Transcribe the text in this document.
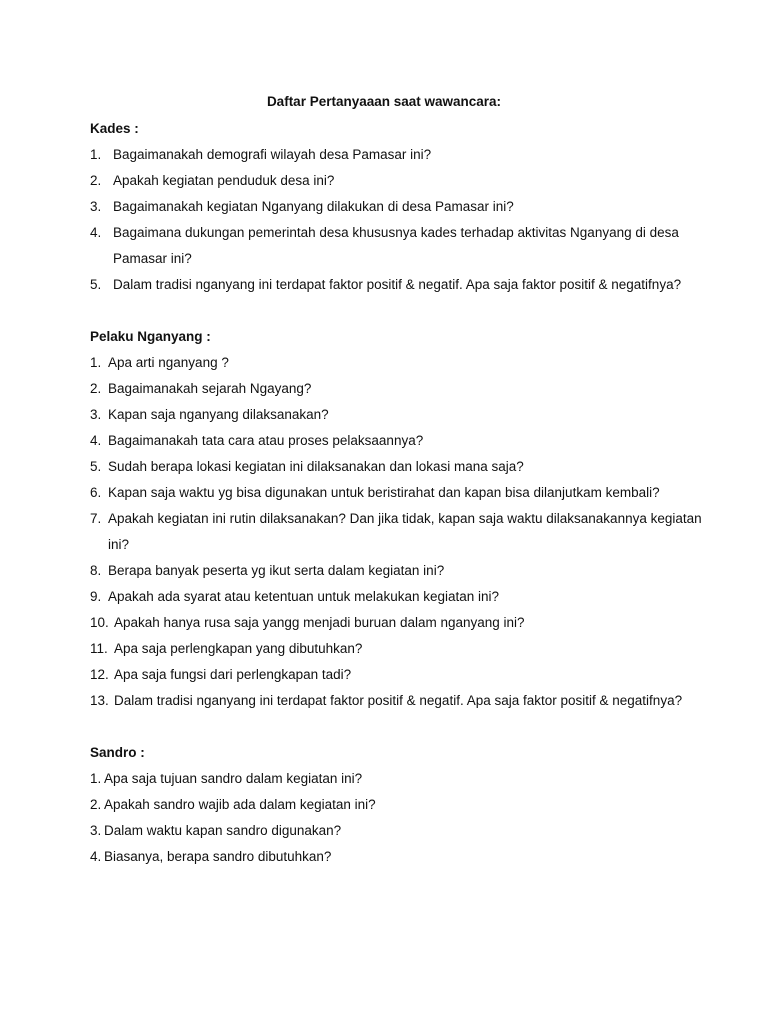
Daftar Pertanyaaan saat wawancara:
Kades :
1. Bagaimanakah demografi wilayah desa Pamasar ini?
2. Apakah kegiatan penduduk desa ini?
3. Bagaimanakah kegiatan Nganyang dilakukan di desa Pamasar ini?
4. Bagaimana dukungan pemerintah desa khususnya kades terhadap aktivitas Nganyang di desa
Pamasar ini?
5. Dalam tradisi nganyang ini terdapat faktor positif & negatif. Apa saja faktor positif & negatifnya?
Pelaku Nganyang :
1. Apa arti nganyang ?
2. Bagaimanakah sejarah Ngayang?
3. Kapan saja nganyang dilaksanakan?
4. Bagaimanakah tata cara atau proses pelaksaannya?
5. Sudah berapa lokasi kegiatan ini dilaksanakan dan lokasi mana saja?
6. Kapan saja waktu yg bisa digunakan untuk beristirahat dan kapan bisa dilanjutkam kembali?
7. Apakah kegiatan ini rutin dilaksanakan? Dan jika tidak, kapan saja waktu dilaksanakannya kegiatan
ini?
8. Berapa banyak peserta yg ikut serta dalam kegiatan ini?
9. Apakah ada syarat atau ketentuan untuk melakukan kegiatan ini?
10. Apakah hanya rusa saja yangg menjadi buruan dalam nganyang ini?
11. Apa saja perlengkapan yang dibutuhkan?
12. Apa saja fungsi dari perlengkapan tadi?
13. Dalam tradisi nganyang ini terdapat faktor positif & negatif. Apa saja faktor positif & negatifnya?
Sandro :
1. Apa saja tujuan sandro dalam kegiatan ini?
2. Apakah sandro wajib ada dalam kegiatan ini?
3. Dalam waktu kapan sandro digunakan?
4. Biasanya, berapa sandro dibutuhkan?
